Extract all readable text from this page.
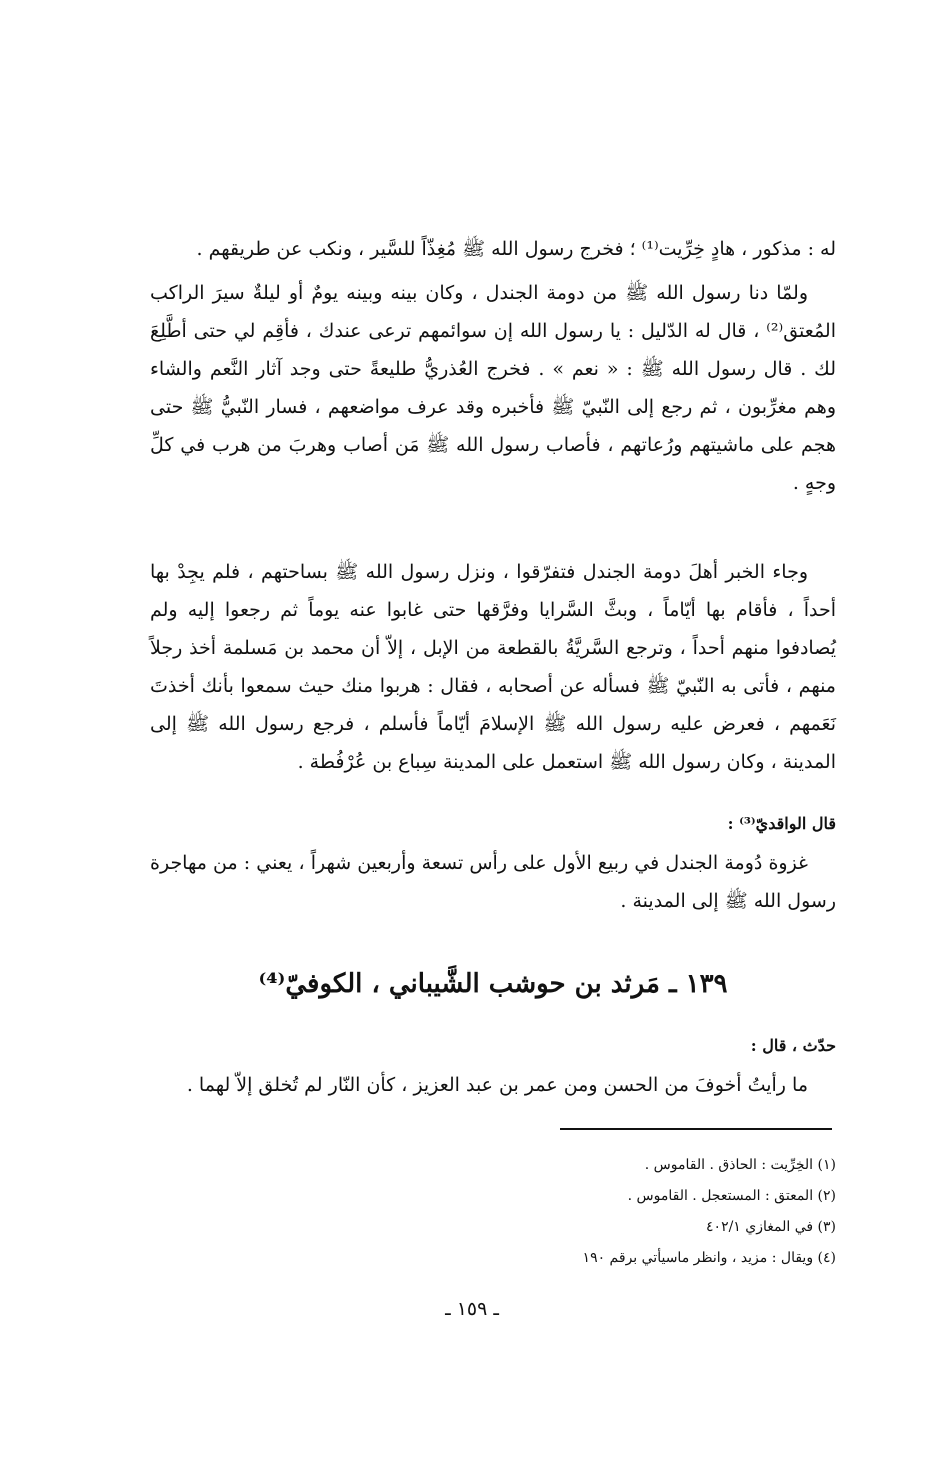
له : مذكور ، هادٍ خِرِّيت⁽¹⁾ ؛ فخرج رسول الله ﷺ مُغِذّاً للسَّير ، ونكب عن طريقهم .

ولمّا دنا رسول الله ﷺ من دومة الجندل ، وكان بينه وبينه يومٌ أو ليلةٌ سيرَ الراكب المُعتق⁽²⁾ ، قال له الدّليل : يا رسول الله إن سوائمهم ترعى عندك ، فأقِم لي حتى أطَّلِعَ لك . قال رسول الله ﷺ : « نعم » . فخرج العُذريُّ طليعةً حتى وجد آثار النَّعم والشاء وهم مغرِّبون ، ثم رجع إلى النّبيّ ﷺ فأخبره وقد عرف مواضعهم ، فسار النّبيُّ ﷺ حتى هجم على ماشيتهم ورُعاتهم ، فأصاب رسول الله ﷺ مَن أصاب وهربَ من هرب في كلِّ وجهٍ .

وجاء الخبر أهلَ دومة الجندل فتفرّقوا ، ونزل رسول الله ﷺ بساحتهم ، فلم يجِدْ بها أحداً ، فأقام بها أيّاماً ، وبثَّ السَّرايا وفرَّقها حتى غابوا عنه يوماً ثم رجعوا إليه ولم يُصادفوا منهم أحداً ، وترجع السَّريَّةُ بالقطعة من الإبل ، إلاّ أن محمد بن مَسلمة أخذ رجلاً منهم ، فأتى به النّبيّ ﷺ فسأله عن أصحابه ، فقال : هربوا منك حيث سمعوا بأنك أخذتَ نَعَمهم ، فعرض عليه رسول الله ﷺ الإسلامَ أيّاماً فأسلم ، فرجع رسول الله ﷺ إلى المدينة ، وكان رسول الله ﷺ استعمل على المدينة سِباع بن عُرْفُطة .

قال الواقديّ⁽³⁾ :

غزوة دُومة الجندل في ربيع الأول على رأس تسعة وأربعين شهراً ، يعني : من مهاجرة رسول الله ﷺ إلى المدينة .

١٣٩ ـ مَرثد بن حوشب الشَّيباني ، الكوفيّ⁽⁴⁾

حدّث ، قال :

ما رأيتُ أخوفَ من الحسن ومن عمر بن عبد العزيز ، كأن النّار لم تُخلق إلاّ لهما .

(١) الخِرِّيت : الحاذق . القاموس .
(٢) المعتق : المستعجل . القاموس .
(٣) في المغازي ٤٠٢/١
(٤) ويقال : مزيد ، وانظر ماسيأتي برقم ١٩٠
ـ ١٥٩ ـ
